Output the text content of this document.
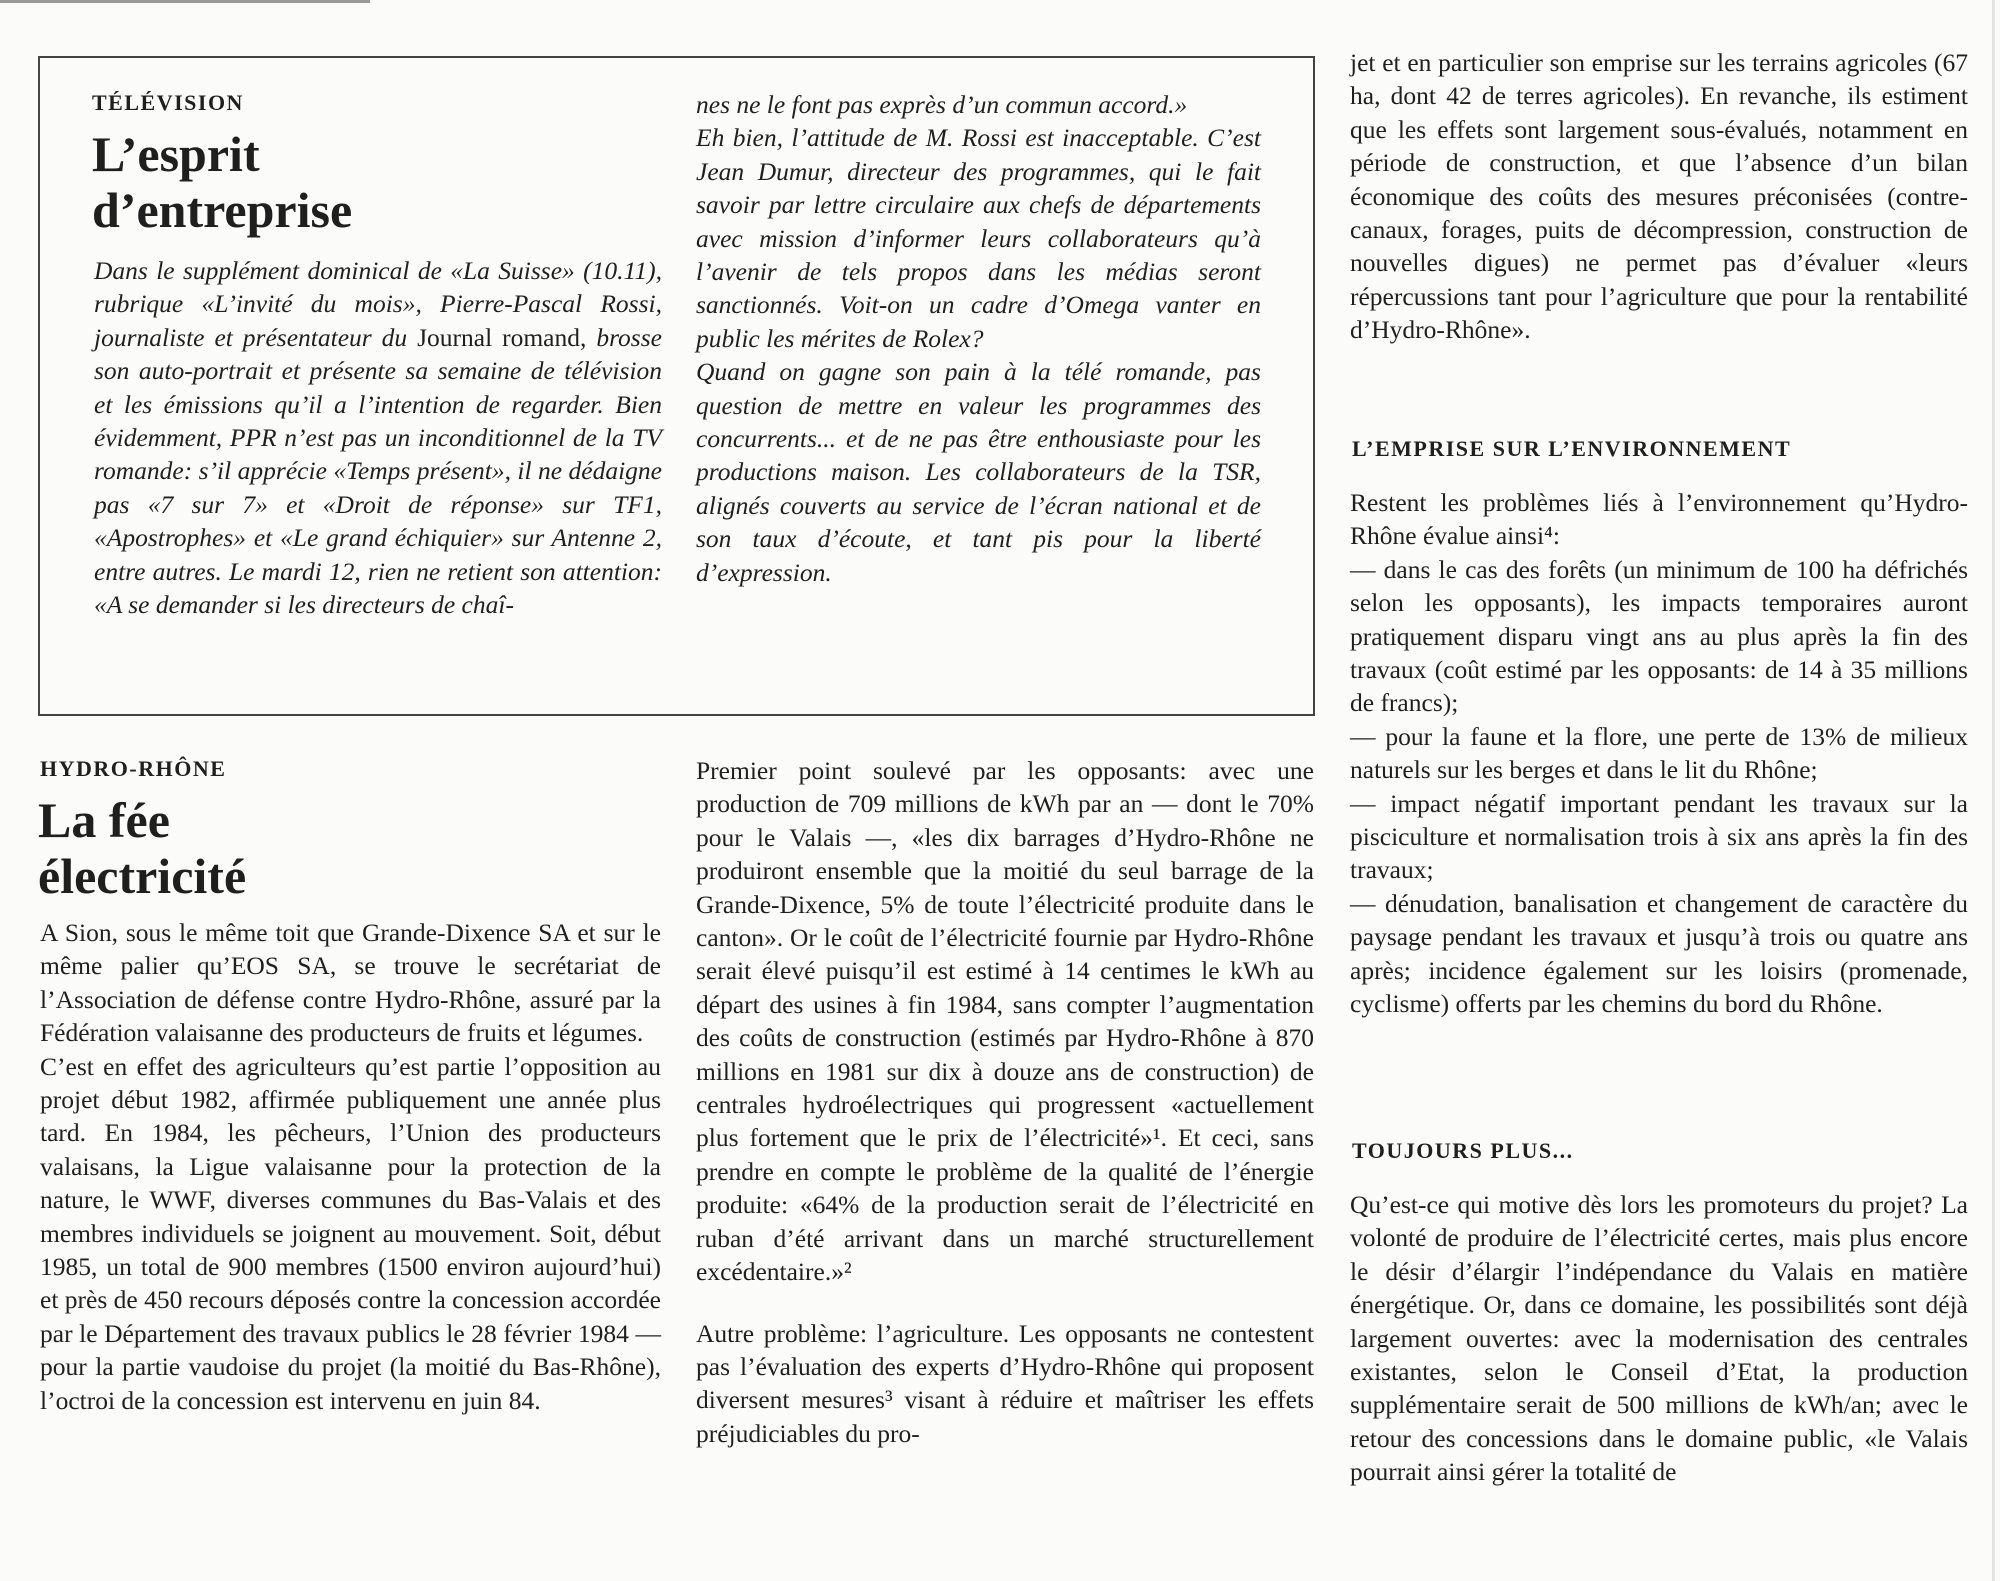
TÉLÉVISION
L’esprit
d’entreprise

Dans le supplément dominical de «La Suisse» (10.11), rubrique «L’invité du mois», Pierre-Pascal Rossi, journaliste et présentateur du Journal romand, brosse son auto-portrait et présente sa semaine de télévision et les émissions qu’il a l’intention de regarder. Bien évidemment, PPR n’est pas un inconditionnel de la TV romande: s’il apprécie «Temps présent», il ne dédaigne pas «7 sur 7» et «Droit de réponse» sur TF1, «Apostrophes» et «Le grand échiquier» sur Antenne 2, entre autres. Le mardi 12, rien ne retient son attention: «A se demander si les directeurs de chaî-

nes ne le font pas exprès d’un commun accord.»

Eh bien, l’attitude de M. Rossi est inacceptable. C’est Jean Dumur, directeur des programmes, qui le fait savoir par lettre circulaire aux chefs de départements avec mission d’informer leurs collaborateurs qu’à l’avenir de tels propos dans les médias seront sanctionnés. Voit-on un cadre d’Omega vanter en public les mérites de Rolex?

Quand on gagne son pain à la télé romande, pas question de mettre en valeur les programmes des concurrents... et de ne pas être enthousiaste pour les productions maison. Les collaborateurs de la TSR, alignés couverts au service de l’écran national et de son taux d’écoute, et tant pis pour la liberté d’expression.

HYDRO-RHÔNE
La fée
électricité

A Sion, sous le même toit que Grande-Dixence SA et sur le même palier qu’EOS SA, se trouve le secrétariat de l’Association de défense contre Hydro-Rhône, assuré par la Fédération valaisanne des producteurs de fruits et légumes.

C’est en effet des agriculteurs qu’est partie l’opposition au projet début 1982, affirmée publiquement une année plus tard. En 1984, les pêcheurs, l’Union des producteurs valaisans, la Ligue valaisanne pour la protection de la nature, le WWF, diverses communes du Bas-Valais et des membres individuels se joignent au mouvement. Soit, début 1985, un total de 900 membres (1500 environ aujourd’hui) et près de 450 recours déposés contre la concession accordée par le Département des travaux publics le 28 février 1984 — pour la partie vaudoise du projet (la moitié du Bas-Rhône), l’octroi de la concession est intervenu en juin 84.

Premier point soulevé par les opposants: avec une production de 709 millions de kWh par an — dont le 70% pour le Valais —, «les dix barrages d’Hydro-Rhône ne produiront ensemble que la moitié du seul barrage de la Grande-Dixence, 5% de toute l’électricité produite dans le canton». Or le coût de l’électricité fournie par Hydro-Rhône serait élevé puisqu’il est estimé à 14 centimes le kWh au départ des usines à fin 1984, sans compter l’augmentation des coûts de construction (estimés par Hydro-Rhône à 870 millions en 1981 sur dix à douze ans de construction) de centrales hydroélectriques qui progressent «actuellement plus fortement que le prix de l’électricité»¹. Et ceci, sans prendre en compte le problème de la qualité de l’énergie produite: «64% de la production serait de l’électricité en ruban d’été arrivant dans un marché structurellement excédentaire.»²

Autre problème: l’agriculture. Les opposants ne contestent pas l’évaluation des experts d’Hydro-Rhône qui proposent diversent mesures³ visant à réduire et maîtriser les effets préjudiciables du pro-

jet et en particulier son emprise sur les terrains agricoles (67 ha, dont 42 de terres agricoles). En revanche, ils estiment que les effets sont largement sous-évalués, notamment en période de construction, et que l’absence d’un bilan économique des coûts des mesures préconisées (contre-canaux, forages, puits de décompression, construction de nouvelles digues) ne permet pas d’évaluer «leurs répercussions tant pour l’agriculture que pour la rentabilité d’Hydro-Rhône».

L’EMPRISE SUR L’ENVIRONNEMENT

Restent les problèmes liés à l’environnement qu’Hydro-Rhône évalue ainsi⁴:

— dans le cas des forêts (un minimum de 100 ha défrichés selon les opposants), les impacts temporaires auront pratiquement disparu vingt ans au plus après la fin des travaux (coût estimé par les opposants: de 14 à 35 millions de francs);

— pour la faune et la flore, une perte de 13% de milieux naturels sur les berges et dans le lit du Rhône;

— impact négatif important pendant les travaux sur la pisciculture et normalisation trois à six ans après la fin des travaux;

— dénudation, banalisation et changement de caractère du paysage pendant les travaux et jusqu’à trois ou quatre ans après; incidence également sur les loisirs (promenade, cyclisme) offerts par les chemins du bord du Rhône.

TOUJOURS PLUS...

Qu’est-ce qui motive dès lors les promoteurs du projet? La volonté de produire de l’électricité certes, mais plus encore le désir d’élargir l’indépendance du Valais en matière énergétique. Or, dans ce domaine, les possibilités sont déjà largement ouvertes: avec la modernisation des centrales existantes, selon le Conseil d’Etat, la production supplémentaire serait de 500 millions de kWh/an; avec le retour des concessions dans le domaine public, «le Valais pourrait ainsi gérer la totalité de
